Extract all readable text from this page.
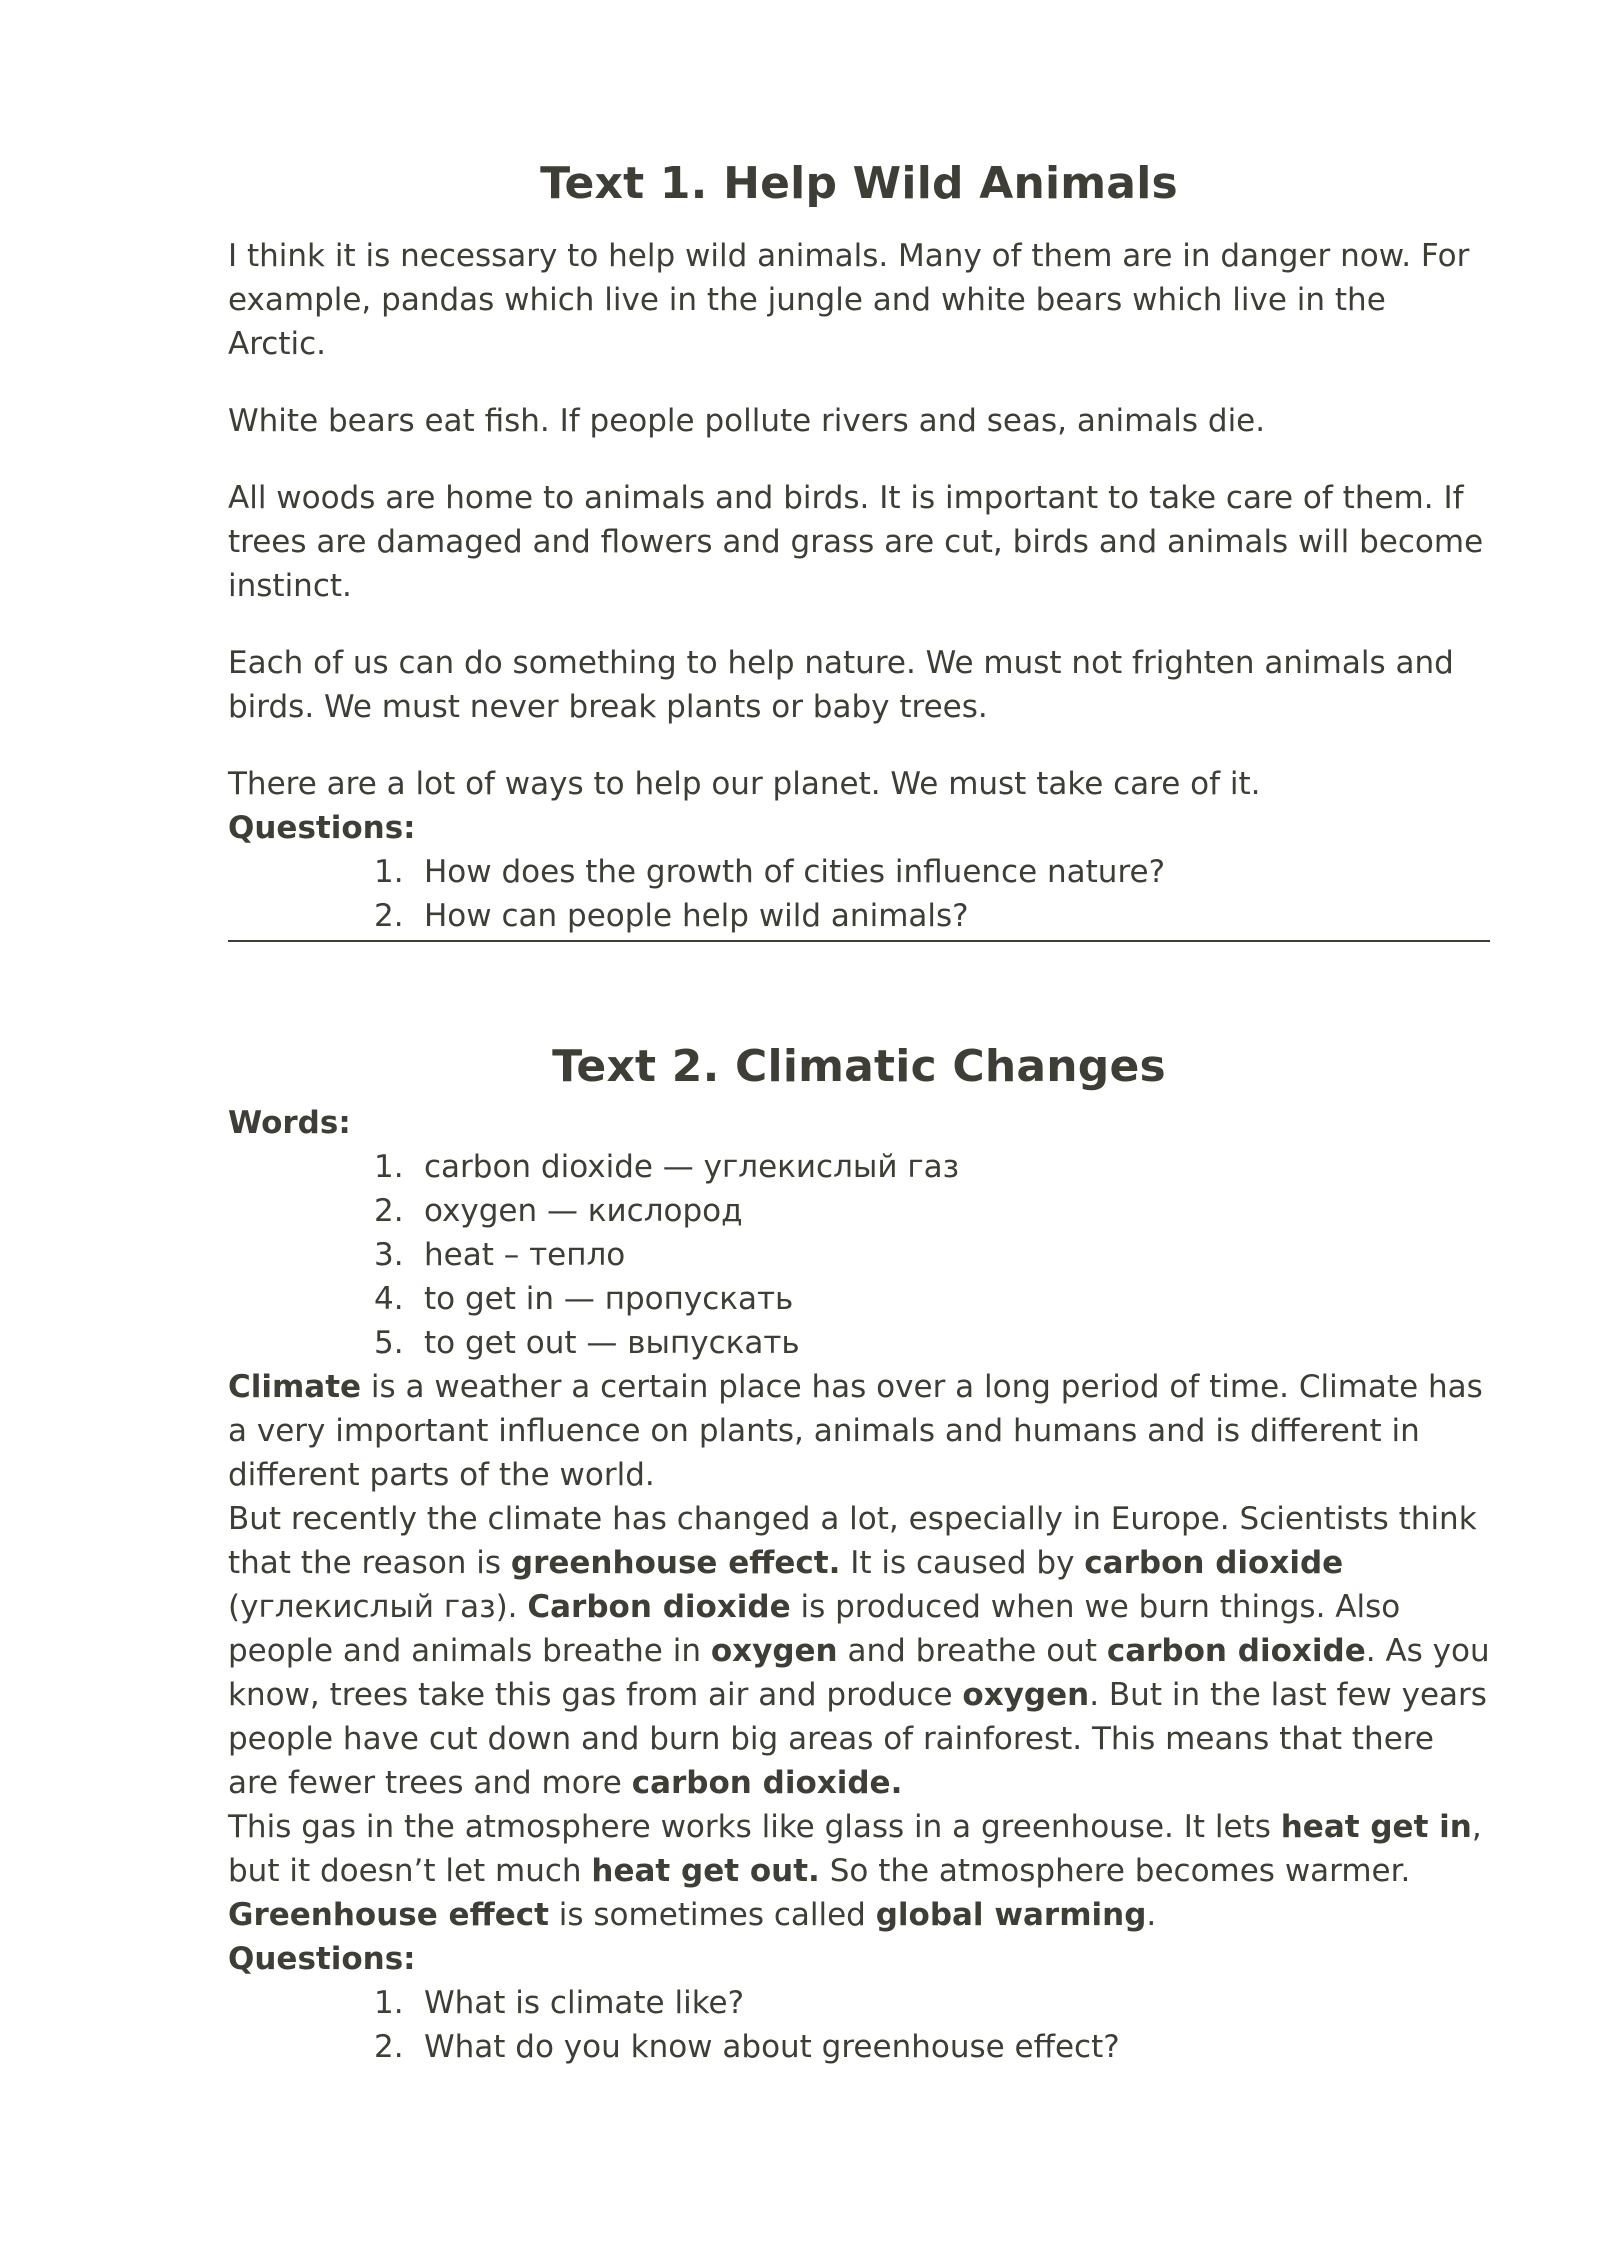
Text 1. Help Wild Animals

I think it is necessary to help wild animals. Many of them are in danger now. For example, pandas which live in the jungle and white bears which live in the Arctic.

White bears eat fish. If people pollute rivers and seas, animals die.

All woods are home to animals and birds. It is important to take care of them. If trees are damaged and flowers and grass are cut, birds and animals will become instinct.

Each of us can do something to help nature. We must not frighten animals and birds. We must never break plants or baby trees.

There are a lot of ways to help our planet. We must take care of it.

Questions:

1. How does the growth of cities influence nature?
2. How can people help wild animals?
Text 2. Climatic Changes

Words:

1. carbon dioxide — углекислый газ
2. oxygen — кислород
3. heat – тепло
4. to get in — пропускать
5. to get out — выпускать

Climate is a weather a certain place has over a long period of time. Climate has a very important influence on plants, animals and humans and is different in different parts of the world.

But recently the climate has changed a lot, especially in Europe. Scientists think that the reason is greenhouse effect. It is caused by carbon dioxide (углекислый газ). Carbon dioxide is produced when we burn things. Also people and animals breathe in oxygen and breathe out carbon dioxide. As you know, trees take this gas from air and produce oxygen. But in the last few years people have cut down and burn big areas of rainforest. This means that there are fewer trees and more carbon dioxide.

This gas in the atmosphere works like glass in a greenhouse. It lets heat get in, but it doesn’t let much heat get out. So the atmosphere becomes warmer. Greenhouse effect is sometimes called global warming.

Questions:

1. What is climate like?
2. What do you know about greenhouse effect?
